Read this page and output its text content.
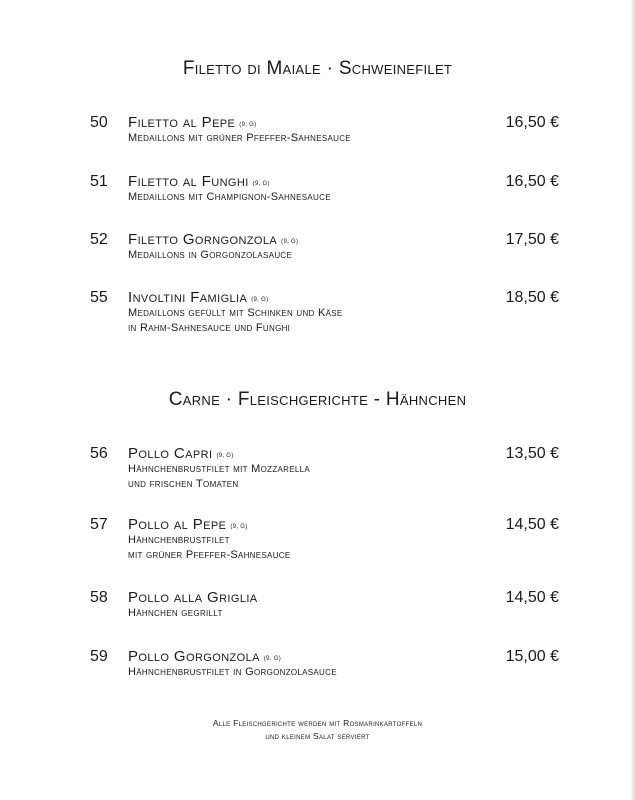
Filetto di Maiale · Schweinefilet
50 Filetto al Pepe (9, G)	16,50 €
Medaillons mit grüner Pfeffer-Sahnesauce
51 Filetto al Funghi (9, G)	16,50 €
Medaillons mit Champignon-Sahnesauce
52 Filetto Gorngonzola (9, G)	17,50 €
Medaillons in Gorgonzolasauce
55 Involtini Famiglia (9, G)	18,50 €
Medaillons gefüllt mit Schinken und Käse
in Rahm-Sahnesauce und Funghi
Carne · Fleischgerichte - Hähnchen
56 Pollo Capri (9, G)	13,50 €
Hähnchenbrustfilet mit Mozzarella
und frischen Tomaten
57 Pollo al Pepe (9, G)	14,50 €
Hähnchenbrustfilet
mit grüner Pfeffer-Sahnesauce
58 Pollo alla Griglia	14,50 €
Hähnchen gegrillt
59 Pollo Gorgonzola (9, G)	15,00 €
Hähnchenbrustfilet in Gorgonzolasauce
Alle Fleischgerichte werden mit Rosmarinkartoffeln
und kleinem Salat serviert
